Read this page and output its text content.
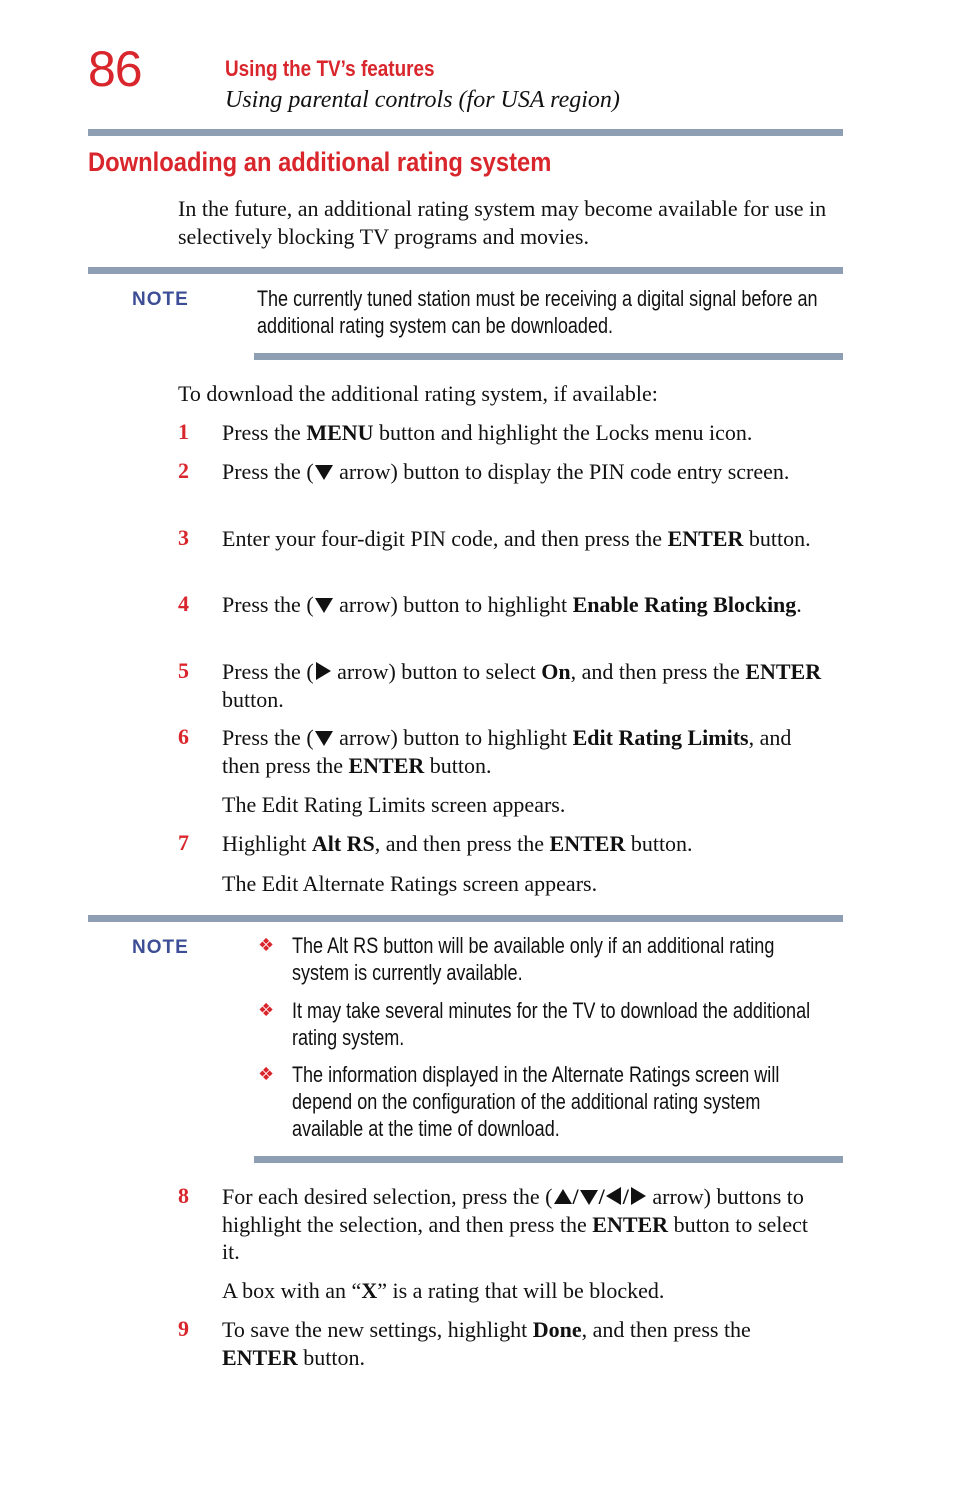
86	Using the TV’s features
Using parental controls (for USA region)
Downloading an additional rating system
In the future, an additional rating system may become available for use in selectively blocking TV programs and movies.
NOTE	The currently tuned station must be receiving a digital signal before an additional rating system can be downloaded.
To download the additional rating system, if available:
1	Press the MENU button and highlight the Locks menu icon.
2	Press the (
arrow) button to display the PIN code entry screen.
3	Enter your four-digit PIN code, and then press the ENTER button.
4	Press the (
arrow) button to highlight Enable Rating Blocking.
5	Press the (
arrow) button to select On, and then press the ENTER button.
6	Press the (
arrow) button to highlight Edit Rating Limits, and then press the ENTER button.
The Edit Rating Limits screen appears.
7	Highlight Alt RS, and then press the ENTER button.
The Edit Alternate Ratings screen appears.
NOTE	❖ The Alt RS button will be available only if an additional rating system is currently available.
❖ It may take several minutes for the TV to download the additional rating system.
❖ The information displayed in the Alternate Ratings screen will depend on the configuration of the additional rating system available at the time of download.
8	For each desired selection, press the ( / / /
arrow) buttons to highlight the selection, and then press the ENTER button to select it.
A box with an “X” is a rating that will be blocked.
9	To save the new settings, highlight Done, and then press the ENTER button.
